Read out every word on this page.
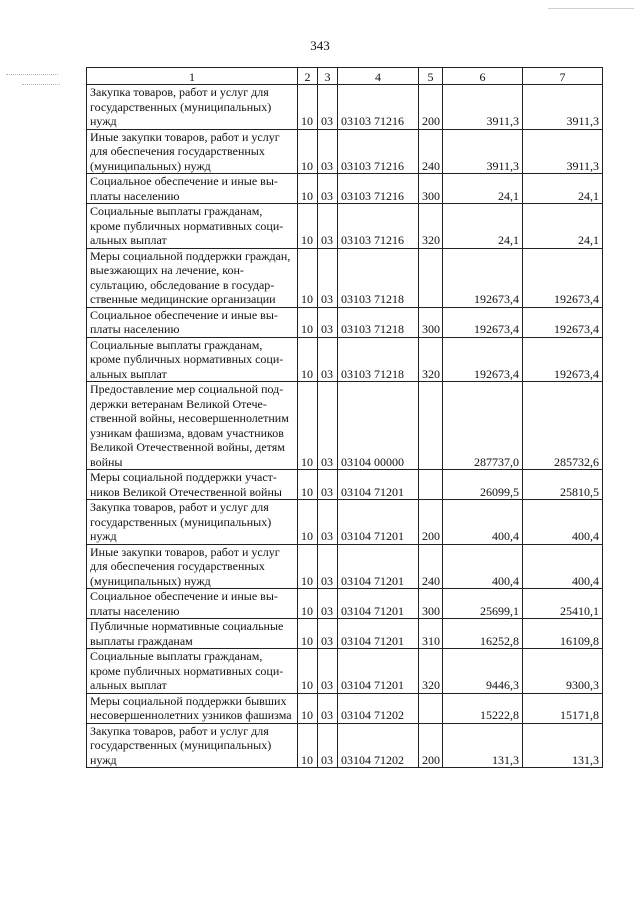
343
1	2	3	4	5	6	7
Закупка товаров, работ и услуг для государственных (муниципальных) нужд	10	03	03103 71216	200	3911,3	3911,3
Иные закупки товаров, работ и услуг для обеспечения государственных (муниципальных) нужд	10	03	03103 71216	240	3911,3	3911,3
Социальное обеспечение и иные выплаты населению	10	03	03103 71216	300	24,1	24,1
Социальные выплаты гражданам, кроме публичных нормативных социальных выплат	10	03	03103 71216	320	24,1	24,1
Меры социальной поддержки граждан, выезжающих на лечение, консультацию, обследование в государственные медицинские организации	10	03	03103 71218		192673,4	192673,4
Социальное обеспечение и иные выплаты населению	10	03	03103 71218	300	192673,4	192673,4
Социальные выплаты гражданам, кроме публичных нормативных социальных выплат	10	03	03103 71218	320	192673,4	192673,4
Предоставление мер социальной поддержки ветеранам Великой Отечественной войны, несовершеннолетним узникам фашизма, вдовам участников Великой Отечественной войны, детям войны	10	03	03104 00000		287737,0	285732,6
Меры социальной поддержки участников Великой Отечественной войны	10	03	03104 71201		26099,5	25810,5
Закупка товаров, работ и услуг для государственных (муниципальных) нужд	10	03	03104 71201	200	400,4	400,4
Иные закупки товаров, работ и услуг для обеспечения государственных (муниципальных) нужд	10	03	03104 71201	240	400,4	400,4
Социальное обеспечение и иные выплаты населению	10	03	03104 71201	300	25699,1	25410,1
Публичные нормативные социальные выплаты гражданам	10	03	03104 71201	310	16252,8	16109,8
Социальные выплаты гражданам, кроме публичных нормативных социальных выплат	10	03	03104 71201	320	9446,3	9300,3
Меры социальной поддержки бывших несовершеннолетних узников фашизма	10	03	03104 71202		15222,8	15171,8
Закупка товаров, работ и услуг для государственных (муниципальных) нужд	10	03	03104 71202	200	131,3	131,3
